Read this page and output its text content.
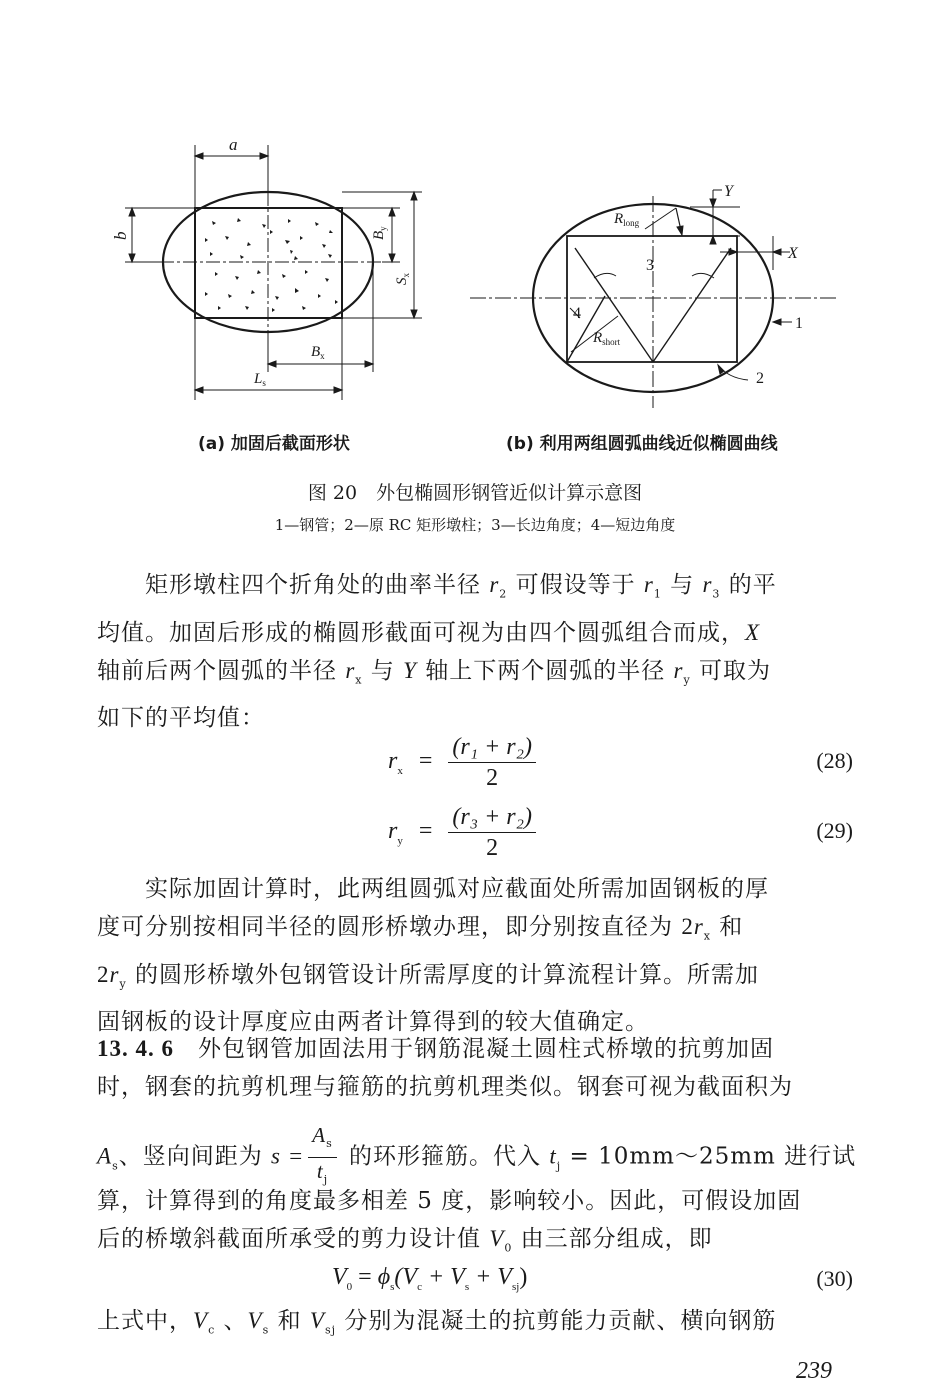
a
b	$B_y$
$S_x$
$B_x$
$L_s$
Y
X
$R_{long}$
$R_{short}$
1
2
3
4
(a) 加固后截面形状	(b) 利用两组圆弧曲线近似椭圆曲线
图 20　外包椭圆形钢管近似计算示意图
1—钢管；2—原 RC 矩形墩柱；3—长边角度；4—短边角度
矩形墩柱四个折角处的曲率半径 $r_2$ 可假设等于 $r_1$ 与 $r_3$ 的平
均值。加固后形成的椭圆形截面可视为由四个圆弧组合而成，X
轴前后两个圆弧的半径 $r_x$ 与 Y 轴上下两个圆弧的半径 $r_y$ 可取为
如下的平均值：
$r_x = \frac{\text{(r₁ + r₂)}}{2}$	(28)
$r_y = \frac{\text{(r₃ + r₂)}}{2}$	(29)
实际加固计算时，此两组圆弧对应截面处所需加固钢板的厚
度可分别按相同半径的圆形桥墩办理，即分别按直径为 $2r_x$ 和
$2r_y$ 的圆形桥墩外包钢管设计所需厚度的计算流程计算。所需加
固钢板的设计厚度应由两者计算得到的较大值确定。
13. 4. 6　外包钢管加固法用于钢筋混凝土圆柱式桥墩的抗剪加固
时，钢套的抗剪机理与箍筋的抗剪机理类似。钢套可视为截面积为
$A_s$、竖向间距为 $s = \frac{A_s}{t_j}$ 的环形箍筋。代入 $t_j$ = 10mm～25mm 进行试
算，计算得到的角度最多相差 5 度，影响较小。因此，可假设加固
后的桥墩斜截面所承受的剪力设计值 $V_0$ 由三部分组成，即
$V_0 = \phi_s(V_c + V_s + V_{sj})$	(30)
上式中，$V_c$ 、$V_s$ 和 $V_{sj}$ 分别为混凝土的抗剪能力贡献、横向钢筋
239
